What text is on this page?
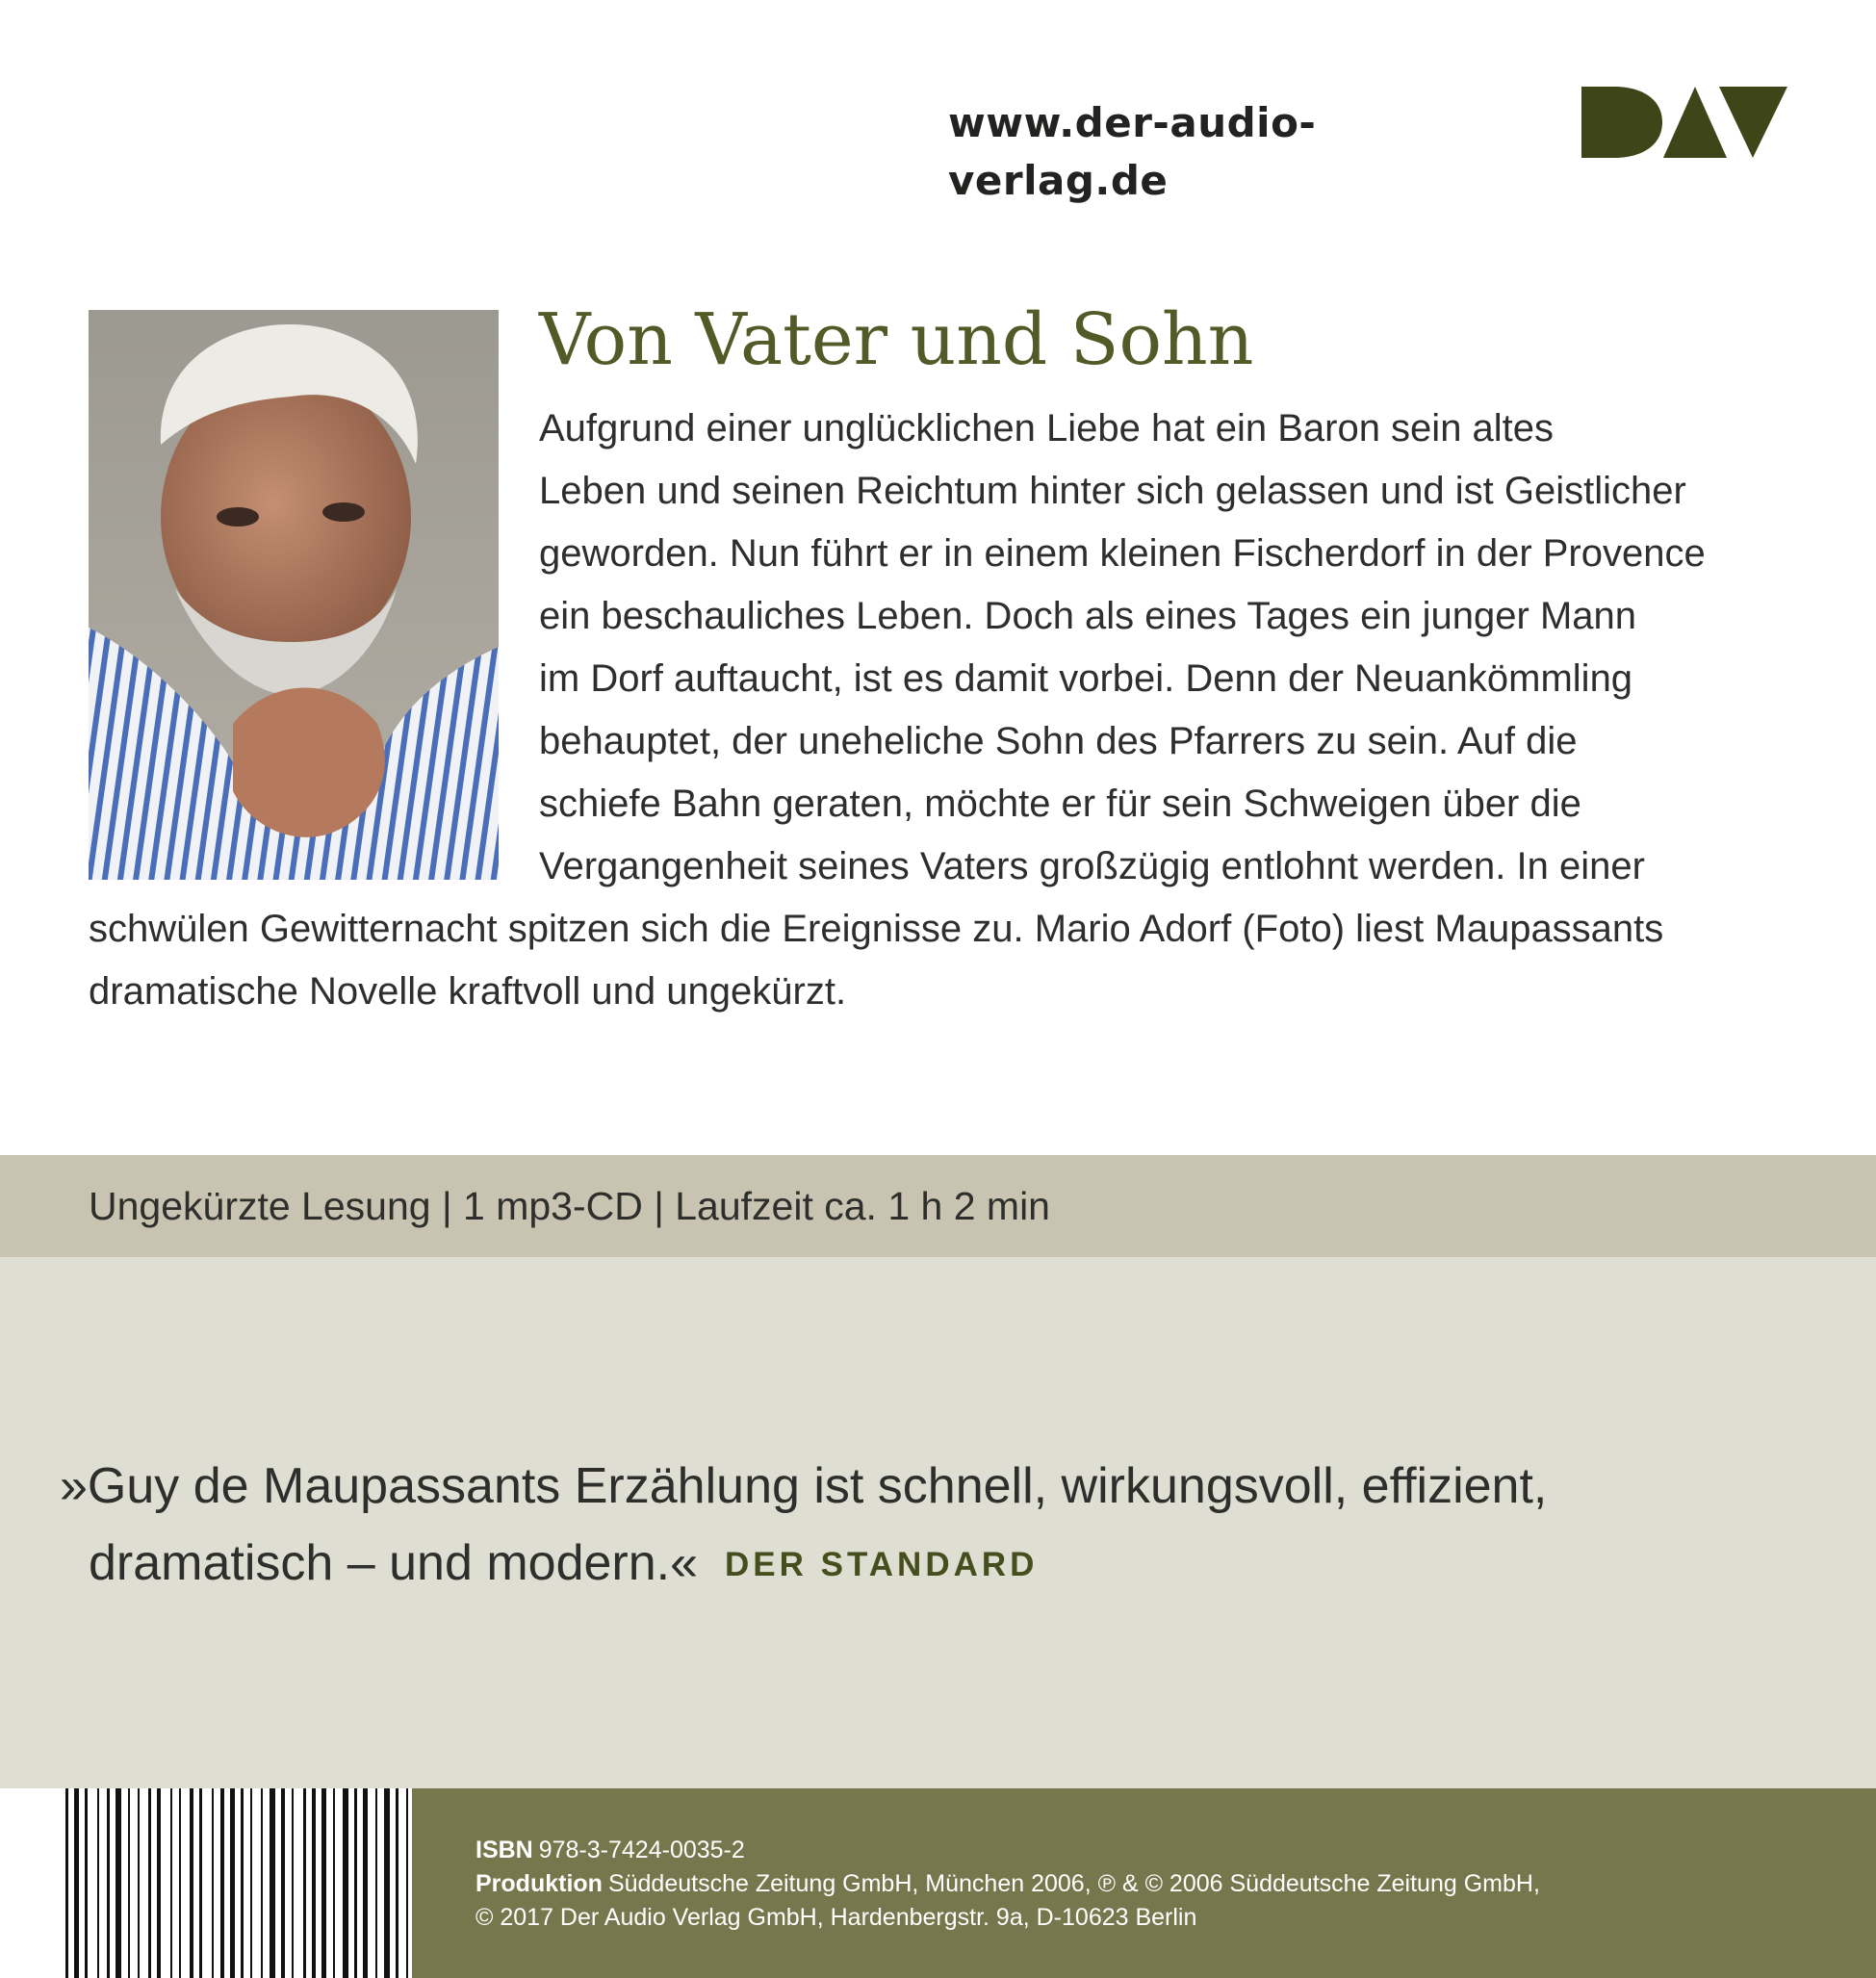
www.der-audio-verlag.de
Von Vater und Sohn
Aufgrund einer unglücklichen Liebe hat ein Baron sein altes
Leben und seinen Reichtum hinter sich gelassen und ist Geistlicher
geworden. Nun führt er in einem kleinen Fischerdorf in der Provence
ein beschauliches Leben. Doch als eines Tages ein junger Mann
im Dorf auftaucht, ist es damit vorbei. Denn der Neuankömmling
behauptet, der uneheliche Sohn des Pfarrers zu sein. Auf die
schiefe Bahn geraten, möchte er für sein Schweigen über die
Vergangenheit seines Vaters großzügig entlohnt werden. In einer
schwülen Gewitternacht spitzen sich die Ereignisse zu. Mario Adorf (Foto) liest Maupassants
dramatische Novelle kraftvoll und ungekürzt.
Ungekürzte Lesung | 1 mp3-CD | Laufzeit ca. 1 h 2 min
»Guy de Maupassants Erzählung ist schnell, wirkungsvoll, effizient,
dramatisch – und modern.« DER STANDARD
ISBN 978-3-7424-0035-2
Produktion Süddeutsche Zeitung GmbH, München 2006, ℗ & © 2006 Süddeutsche Zeitung GmbH,
© 2017 Der Audio Verlag GmbH, Hardenbergstr. 9a, D-10623 Berlin
